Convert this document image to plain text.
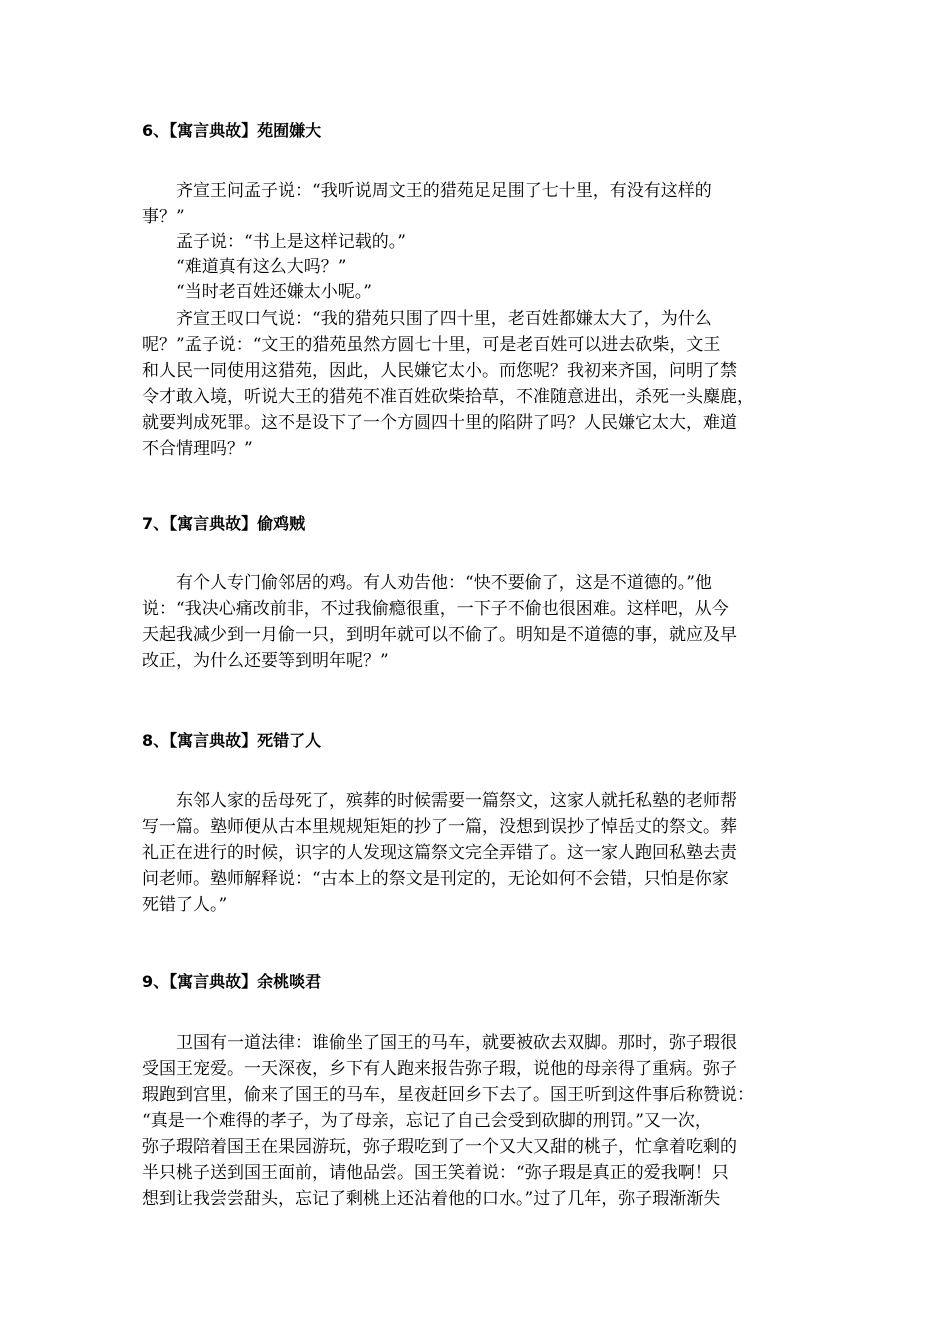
6、【寓言典故】苑囿嫌大
　　齐宣王问孟子说：“我听说周文王的猎苑足足围了七十里，有没有这样的
事？”
　　孟子说：“书上是这样记载的。”
　　“难道真有这么大吗？”
　　“当时老百姓还嫌太小呢。”
　　齐宣王叹口气说：“我的猎苑只围了四十里，老百姓都嫌太大了，为什么
呢？”孟子说：“文王的猎苑虽然方圆七十里，可是老百姓可以进去砍柴，文王
和人民一同使用这猎苑，因此，人民嫌它太小。而您呢？我初来齐国，问明了禁
令才敢入境，听说大王的猎苑不准百姓砍柴拾草，不准随意进出，杀死一头麋鹿，
就要判成死罪。这不是设下了一个方圆四十里的陷阱了吗？人民嫌它太大，难道
不合情理吗？”
7、【寓言典故】偷鸡贼
　　有个人专门偷邻居的鸡。有人劝告他：“快不要偷了，这是不道德的。”他
说：“我决心痛改前非，不过我偷瘾很重，一下子不偷也很困难。这样吧，从今
天起我减少到一月偷一只，到明年就可以不偷了。明知是不道德的事，就应及早
改正，为什么还要等到明年呢？”
8、【寓言典故】死错了人
　　东邻人家的岳母死了，殡葬的时候需要一篇祭文，这家人就托私塾的老师帮
写一篇。塾师便从古本里规规矩矩的抄了一篇，没想到误抄了悼岳丈的祭文。葬
礼正在进行的时候，识字的人发现这篇祭文完全弄错了。这一家人跑回私塾去责
问老师。塾师解释说：“古本上的祭文是刊定的，无论如何不会错，只怕是你家
死错了人。”
9、【寓言典故】余桃啖君
　　卫国有一道法律：谁偷坐了国王的马车，就要被砍去双脚。那时，弥子瑕很
受国王宠爱。一天深夜，乡下有人跑来报告弥子瑕，说他的母亲得了重病。弥子
瑕跑到宫里，偷来了国王的马车，星夜赶回乡下去了。国王听到这件事后称赞说：
“真是一个难得的孝子，为了母亲，忘记了自己会受到砍脚的刑罚。”又一次，
弥子瑕陪着国王在果园游玩，弥子瑕吃到了一个又大又甜的桃子，忙拿着吃剩的
半只桃子送到国王面前，请他品尝。国王笑着说：“弥子瑕是真正的爱我啊！只
想到让我尝尝甜头，忘记了剩桃上还沾着他的口水。”过了几年，弥子瑕渐渐失
